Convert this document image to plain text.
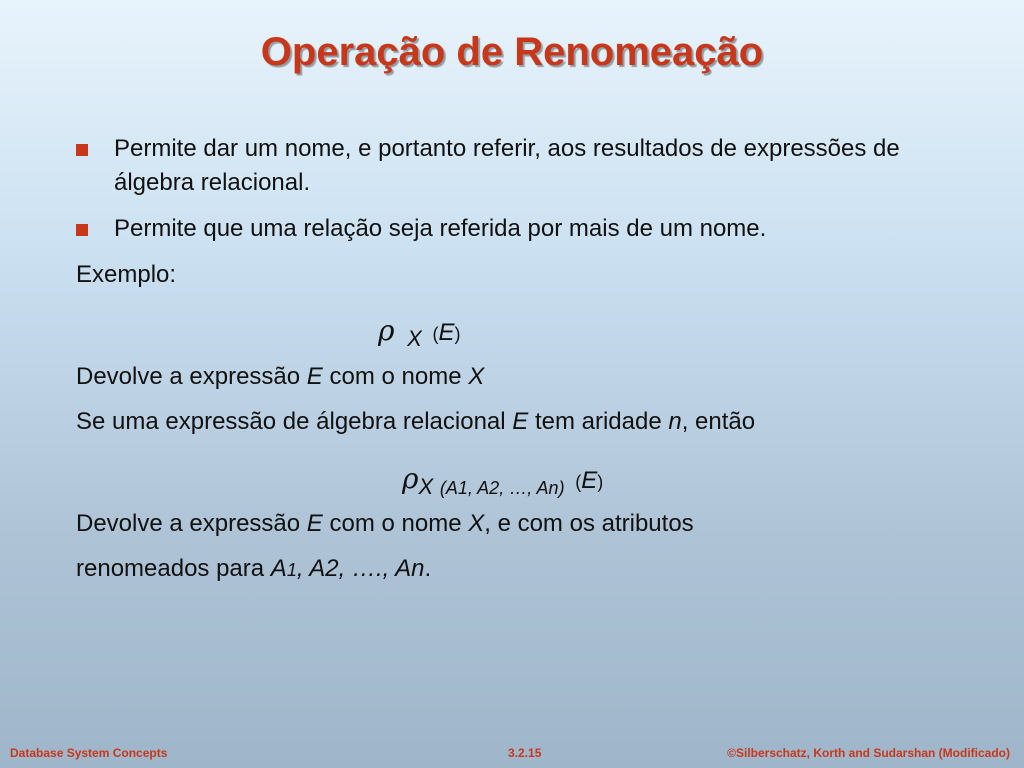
Operação de Renomeação
Permite dar um nome, e portanto referir, aos resultados de expressões de álgebra relacional.
Permite que uma relação seja referida por mais de um nome.
Exemplo:
ρ X (E)
Devolve a expressão E com o nome X
Se uma expressão de álgebra relacional E tem aridade n, então
ρX $_{(A1, A2, \dots, An)}$ (E)
Devolve a expressão E com o nome X, e com os atributos
renomeados para A1, A2, …., An.
Database System Concepts	3.2.15	©Silberschatz, Korth and Sudarshan (Modificado)
